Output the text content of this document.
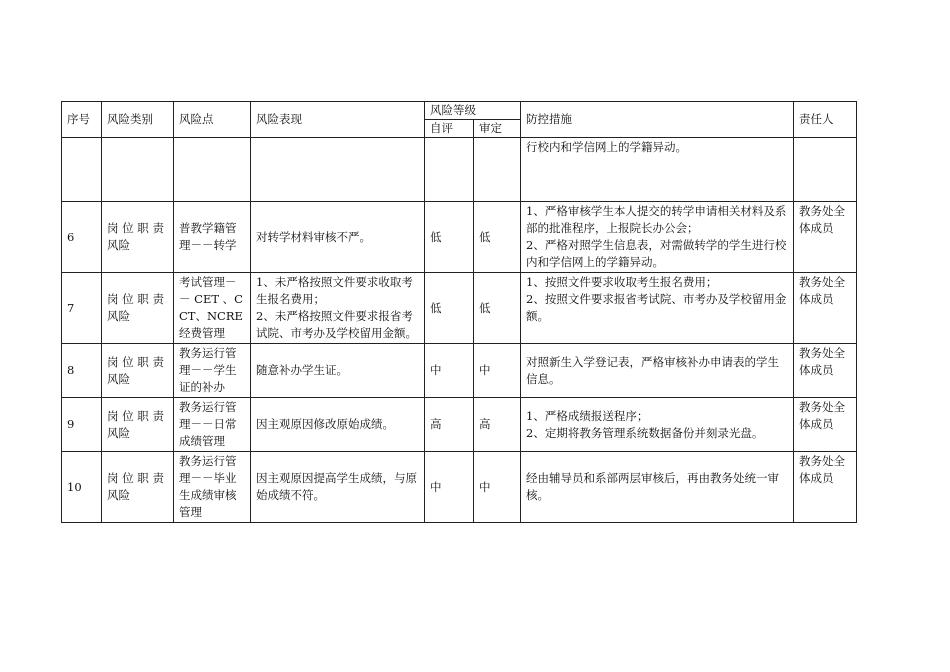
序号	风险类别	风险点	风险表现	风险等级		防控措施	责任人
				自评	审定		
						行校内和学信网上的学籍异动。	
6	岗 位 职 责 风险	普教学籍管理－－转学	对转学材料审核不严。	低	低	1、严格审核学生本人提交的转学申请相关材料及系部的批准程序，上报院长办公会；
2、严格对照学生信息表，对需做转学的学生进行校内和学信网上的学籍异动。	教务处全体成员
7	岗 位 职 责 风险	考试管理－－ CET 、CCT、NCRE经费管理	1、未严格按照文件要求收取考生报名费用；
2、未严格按照文件要求报省考试院、市考办及学校留用金额。	低	低	1、按照文件要求收取考生报名费用；
2、按照文件要求报省考试院、市考办及学校留用金额。	教务处全体成员
8	岗 位 职 责 风险	教务运行管理－－学生证的补办	随意补办学生证。	中	中	对照新生入学登记表，严格审核补办申请表的学生信息。	教务处全体成员
9	岗 位 职 责 风险	教务运行管理－－日常成绩管理	因主观原因修改原始成绩。	高	高	1、严格成绩报送程序；
2、定期将教务管理系统数据备份并刻录光盘。	教务处全体成员
10	岗 位 职 责 风险	教务运行管理－－毕业生成绩审核管理	因主观原因提高学生成绩，与原始成绩不符。	中	中	经由辅导员和系部两层审核后，再由教务处统一审核。	教务处全体成员
